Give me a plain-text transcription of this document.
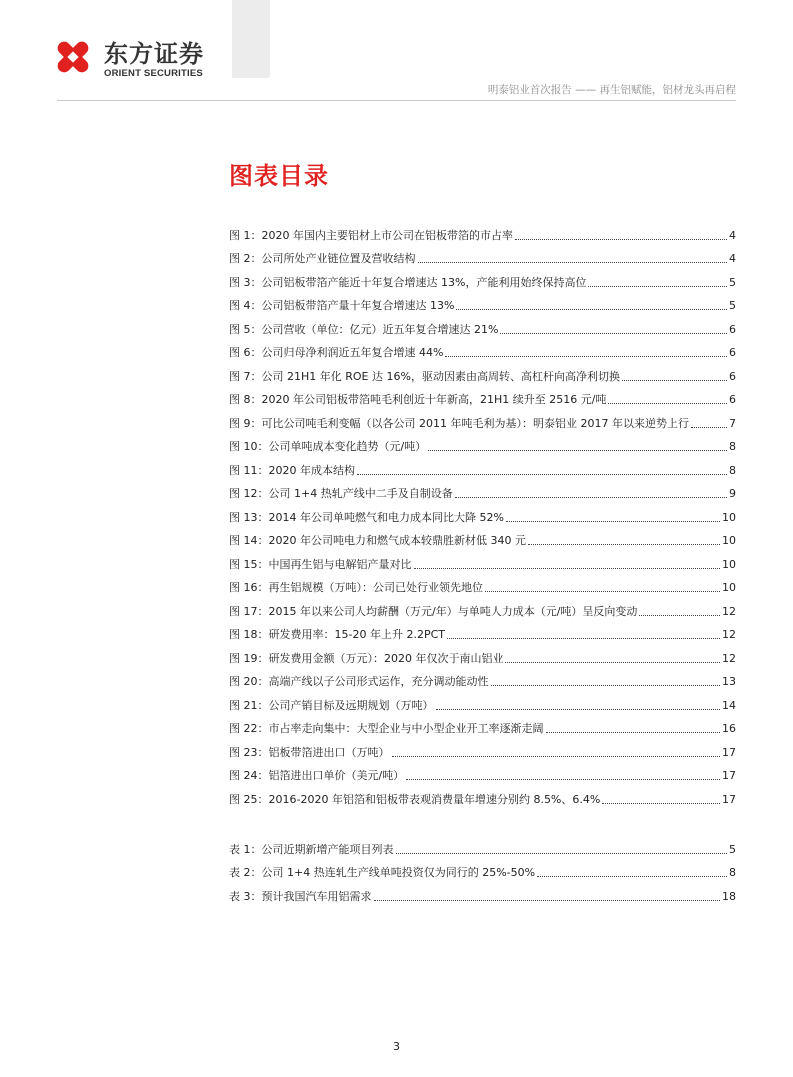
东方证券
ORIENT SECURITIES
明泰铝业首次报告 —— 再生铝赋能，铝材龙头再启程
图表目录
图 1：2020 年国内主要铝材上市公司在铝板带箔的市占率	4
图 2：公司所处产业链位置及营收结构	4
图 3：公司铝板带箔产能近十年复合增速达 13%，产能利用始终保持高位	5
图 4：公司铝板带箔产量十年复合增速达 13%	5
图 5：公司营收（单位：亿元）近五年复合增速达 21%	6
图 6：公司归母净利润近五年复合增速 44%	6
图 7：公司 21H1 年化 ROE 达 16%，驱动因素由高周转、高杠杆向高净利切换	6
图 8：2020 年公司铝板带箔吨毛利创近十年新高，21H1 续升至 2516 元/吨	6
图 9：可比公司吨毛利变幅（以各公司 2011 年吨毛利为基）：明泰铝业 2017 年以来逆势上行	7
图 10：公司单吨成本变化趋势（元/吨）	8
图 11：2020 年成本结构	8
图 12：公司 1+4 热轧产线中二手及自制设备	9
图 13：2014 年公司单吨燃气和电力成本同比大降 52%	10
图 14：2020 年公司吨电力和燃气成本较鼎胜新材低 340 元	10
图 15：中国再生铝与电解铝产量对比	10
图 16：再生铝规模（万吨）：公司已处行业领先地位	10
图 17：2015 年以来公司人均薪酬（万元/年）与单吨人力成本（元/吨）呈反向变动	12
图 18：研发费用率：15-20 年上升 2.2PCT	12
图 19：研发费用金额（万元）：2020 年仅次于南山铝业	12
图 20：高端产线以子公司形式运作，充分调动能动性	13
图 21：公司产销目标及远期规划（万吨）	14
图 22：市占率走向集中：大型企业与中小型企业开工率逐渐走阔	16
图 23：铝板带箔进出口（万吨）	17
图 24：铝箔进出口单价（美元/吨）	17
图 25：2016-2020 年铝箔和铝板带表观消费量年增速分别约 8.5%、6.4%	17
表 1：公司近期新增产能项目列表	5
表 2：公司 1+4 热连轧生产线单吨投资仅为同行的 25%-50%	8
表 3：预计我国汽车用铝需求	18
3
